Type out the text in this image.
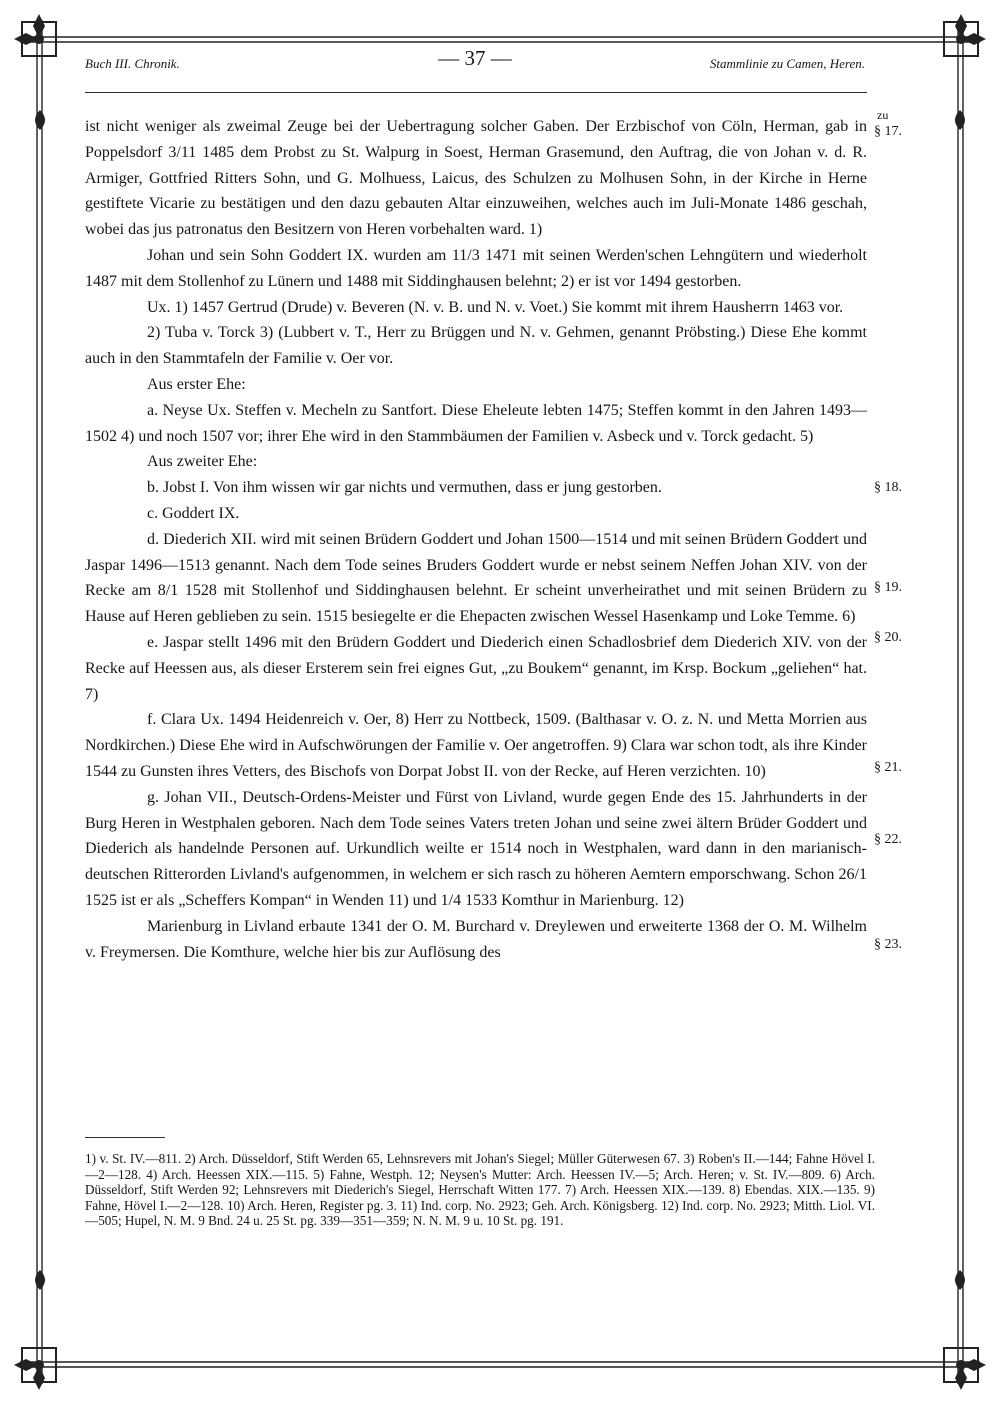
Buch III. Chronik.	— 37 —	Stammlinie zu Camen, Heren.
zu
§ 17.
§ 18.
§ 19.
§ 20.
§ 21.
§ 22.
§ 23.

ist nicht weniger als zweimal Zeuge bei der Uebertragung solcher Gaben. Der Erzbischof von Cöln, Herman, gab in Poppelsdorf 3/11 1485 dem Probst zu St. Walpurg in Soest, Herman Grasemund, den Auftrag, die von Johan v. d. R. Armiger, Gottfried Ritters Sohn, und G. Molhuess, Laicus, des Schulzen zu Molhusen Sohn, in der Kirche in Herne gestiftete Vicarie zu bestätigen und den dazu gebauten Altar einzuweihen, welches auch im Juli-Monate 1486 geschah, wobei das jus patronatus den Besitzern von Heren vorbehalten ward. 1)

Johan und sein Sohn Goddert IX. wurden am 11/3 1471 mit seinen Werden'schen Lehngütern und wiederholt 1487 mit dem Stollenhof zu Lünern und 1488 mit Siddinghausen belehnt; 2) er ist vor 1494 gestorben.

Ux. 1) 1457 Gertrud (Drude) v. Beveren (N. v. B. und N. v. Voet.) Sie kommt mit ihrem Hausherrn 1463 vor.

2) Tuba v. Torck 3) (Lubbert v. T., Herr zu Brüggen und N. v. Gehmen, genannt Pröbsting.) Diese Ehe kommt auch in den Stammtafeln der Familie v. Oer vor.

Aus erster Ehe:

a. Neyse Ux. Steffen v. Mecheln zu Santfort. Diese Eheleute lebten 1475; Steffen kommt in den Jahren 1493—1502 4) und noch 1507 vor; ihrer Ehe wird in den Stammbäumen der Familien v. Asbeck und v. Torck gedacht. 5)

Aus zweiter Ehe:

b. Jobst I. Von ihm wissen wir gar nichts und vermuthen, dass er jung gestorben.

c. Goddert IX.

d. Diederich XII. wird mit seinen Brüdern Goddert und Johan 1500—1514 und mit seinen Brüdern Goddert und Jaspar 1496—1513 genannt. Nach dem Tode seines Bruders Goddert wurde er nebst seinem Neffen Johan XIV. von der Recke am 8/1 1528 mit Stollenhof und Siddinghausen belehnt. Er scheint unverheirathet und mit seinen Brüdern zu Hause auf Heren geblieben zu sein. 1515 besiegelte er die Ehepacten zwischen Wessel Hasenkamp und Loke Temme. 6)

e. Jaspar stellt 1496 mit den Brüdern Goddert und Diederich einen Schadlosbrief dem Diederich XIV. von der Recke auf Heessen aus, als dieser Ersterem sein frei eignes Gut, „zu Boukem“ genannt, im Krsp. Bockum „geliehen“ hat. 7)

f. Clara Ux. 1494 Heidenreich v. Oer, 8) Herr zu Nottbeck, 1509. (Balthasar v. O. z. N. und Metta Morrien aus Nordkirchen.) Diese Ehe wird in Aufschwörungen der Familie v. Oer angetroffen. 9) Clara war schon todt, als ihre Kinder 1544 zu Gunsten ihres Vetters, des Bischofs von Dorpat Jobst II. von der Recke, auf Heren verzichten. 10)

g. Johan VII., Deutsch-Ordens-Meister und Fürst von Livland, wurde gegen Ende des 15. Jahrhunderts in der Burg Heren in Westphalen geboren. Nach dem Tode seines Vaters treten Johan und seine zwei ältern Brüder Goddert und Diederich als handelnde Personen auf. Urkundlich weilte er 1514 noch in Westphalen, ward dann in den marianisch-deutschen Ritterorden Livland's aufgenommen, in welchem er sich rasch zu höheren Aemtern emporschwang. Schon 26/1 1525 ist er als „Scheffers Kompan“ in Wenden 11) und 1/4 1533 Komthur in Marienburg. 12)

Marienburg in Livland erbaute 1341 der O. M. Burchard v. Dreylewen und erweiterte 1368 der O. M. Wilhelm v. Freymersen. Die Komthure, welche hier bis zur Auflösung des

1) v. St. IV.—811. 2) Arch. Düsseldorf, Stift Werden 65, Lehnsrevers mit Johan's Siegel; Müller Güterwesen 67. 3) Roben's II.—144; Fahne Hövel I.—2—128. 4) Arch. Heessen XIX.—115. 5) Fahne, Westph. 12; Neysen's Mutter: Arch. Heessen IV.—5; Arch. Heren; v. St. IV.—809. 6) Arch. Düsseldorf, Stift Werden 92; Lehnsrevers mit Diederich's Siegel, Herrschaft Witten 177. 7) Arch. Heessen XIX.—139. 8) Ebendas. XIX.—135. 9) Fahne, Hövel I.—2—128. 10) Arch. Heren, Register pg. 3. 11) Ind. corp. No. 2923; Geh. Arch. Königsberg. 12) Ind. corp. No. 2923; Mitth. Liol. VI.—505; Hupel, N. M. 9 Bnd. 24 u. 25 St. pg. 339—351—359; N. N. M. 9 u. 10 St. pg. 191.
